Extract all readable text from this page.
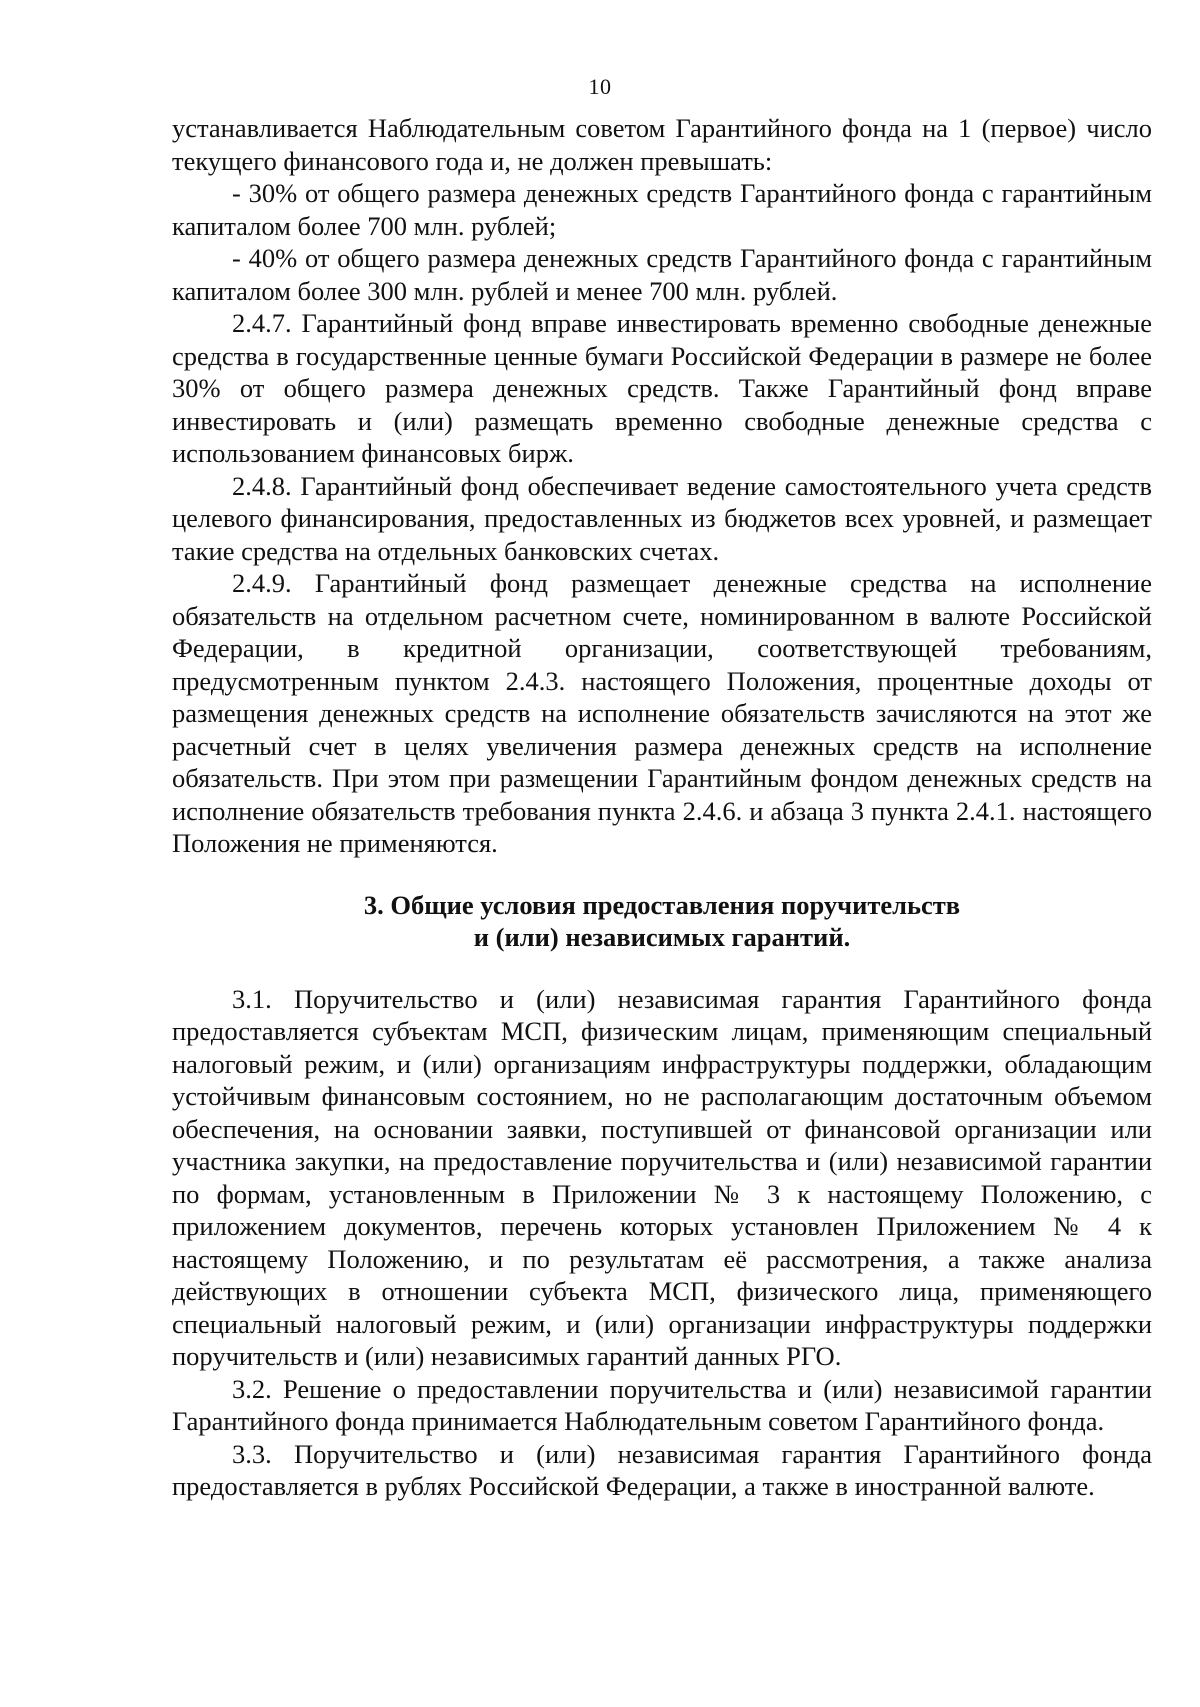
10

устанавливается Наблюдательным советом Гарантийного фонда на 1 (первое) число текущего финансового года и, не должен превышать:

- 30% от общего размера денежных средств Гарантийного фонда с гарантийным капиталом более 700 млн. рублей;

- 40% от общего размера денежных средств Гарантийного фонда с гарантийным капиталом более 300 млн. рублей и менее 700 млн. рублей.

2.4.7. Гарантийный фонд вправе инвестировать временно свободные денежные средства в государственные ценные бумаги Российской Федерации в размере не более 30% от общего размера денежных средств. Также Гарантийный фонд вправе инвестировать и (или) размещать временно свободные денежные средства с использованием финансовых бирж.

2.4.8. Гарантийный фонд обеспечивает ведение самостоятельного учета средств целевого финансирования, предоставленных из бюджетов всех уровней, и размещает такие средства на отдельных банковских счетах.

2.4.9. Гарантийный фонд размещает денежные средства на исполнение обязательств на отдельном расчетном счете, номинированном в валюте Российской Федерации, в кредитной организации, соответствующей требованиям, предусмотренным пунктом 2.4.3. настоящего Положения, процентные доходы от размещения денежных средств на исполнение обязательств зачисляются на этот же расчетный счет в целях увеличения размера денежных средств на исполнение обязательств. При этом при размещении Гарантийным фондом денежных средств на исполнение обязательств требования пункта 2.4.6. и абзаца 3 пункта 2.4.1. настоящего Положения не применяются.

3. Общие условия предоставления поручительств
и (или) независимых гарантий.

3.1. Поручительство и (или) независимая гарантия Гарантийного фонда предоставляется субъектам МСП, физическим лицам, применяющим специальный налоговый режим, и (или) организациям инфраструктуры поддержки, обладающим устойчивым финансовым состоянием, но не располагающим достаточным объемом обеспечения, на основании заявки, поступившей от финансовой организации или участника закупки, на предоставление поручительства и (или) независимой гарантии по формам, установленным в Приложении № 3 к настоящему Положению, с приложением документов, перечень которых установлен Приложением № 4 к настоящему Положению, и по результатам её рассмотрения, а также анализа действующих в отношении субъекта МСП, физического лица, применяющего специальный налоговый режим, и (или) организации инфраструктуры поддержки поручительств и (или) независимых гарантий данных РГО.

3.2. Решение о предоставлении поручительства и (или) независимой гарантии Гарантийного фонда принимается Наблюдательным советом Гарантийного фонда.

3.3. Поручительство и (или) независимая гарантия Гарантийного фонда предоставляется в рублях Российской Федерации, а также в иностранной валюте.
